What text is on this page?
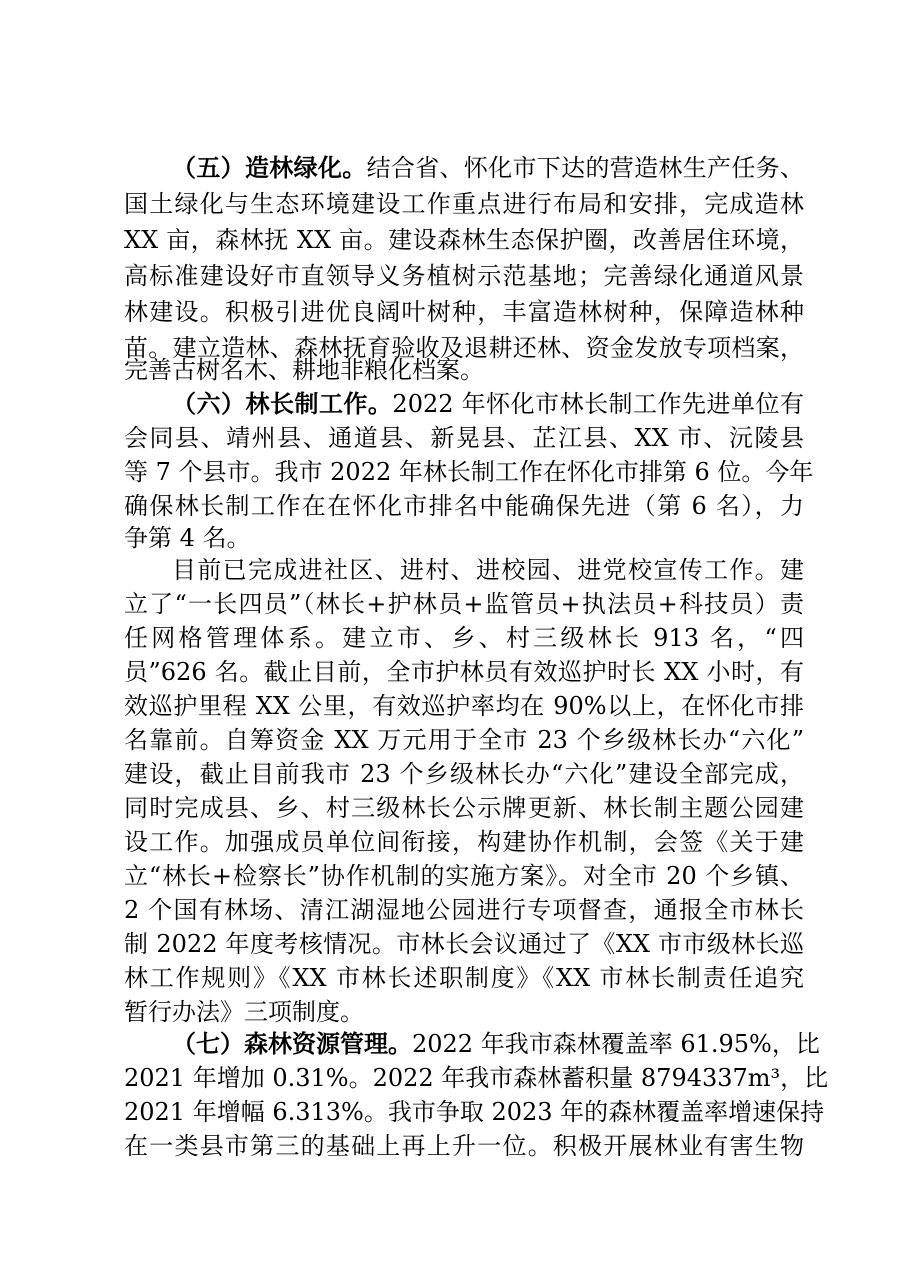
（五）造林绿化。结合省、怀化市下达的营造林生产任务、
国土绿化与生态环境建设工作重点进行布局和安排，完成造林
XX 亩，森林抚 XX 亩。建设森林生态保护圈，改善居住环境，
高标准建设好市直领导义务植树示范基地；完善绿化通道风景
林建设。积极引进优良阔叶树种，丰富造林树种，保障造林种
苗。建立造林、森林抚育验收及退耕还林、资金发放专项档案，
完善古树名木、耕地非粮化档案。
（六）林长制工作。2022 年怀化市林长制工作先进单位有
会同县、靖州县、通道县、新晃县、芷江县、XX 市、沅陵县
等 7 个县市。我市 2022 年林长制工作在怀化市排第 6 位。今年
确保林长制工作在在怀化市排名中能确保先进（第 6 名），力
争第 4 名。
目前已完成进社区、进村、进校园、进党校宣传工作。建
立了“一长四员”（林长+护林员+监管员+执法员+科技员）责
任网格管理体系。建立市、乡、村三级林长 913 名，“四
员”626 名。截止目前，全市护林员有效巡护时长 XX 小时，有
效巡护里程 XX 公里，有效巡护率均在 90%以上，在怀化市排
名靠前。自筹资金 XX 万元用于全市 23 个乡级林长办“六化”
建设，截止目前我市 23 个乡级林长办“六化”建设全部完成，
同时完成县、乡、村三级林长公示牌更新、林长制主题公园建
设工作。加强成员单位间衔接，构建协作机制，会签《关于建
立“林长+检察长”协作机制的实施方案》。对全市 20 个乡镇、
2 个国有林场、清江湖湿地公园进行专项督查，通报全市林长
制 2022 年度考核情况。市林长会议通过了《XX 市市级林长巡
林工作规则》《XX 市林长述职制度》《XX 市林长制责任追究
暂行办法》三项制度。
（七）森林资源管理。2022 年我市森林覆盖率 61.95%，比
2021 年增加 0.31%。2022 年我市森林蓄积量 8794337m³，比
2021 年增幅 6.313%。我市争取 2023 年的森林覆盖率增速保持
在一类县市第三的基础上再上升一位。积极开展林业有害生物
